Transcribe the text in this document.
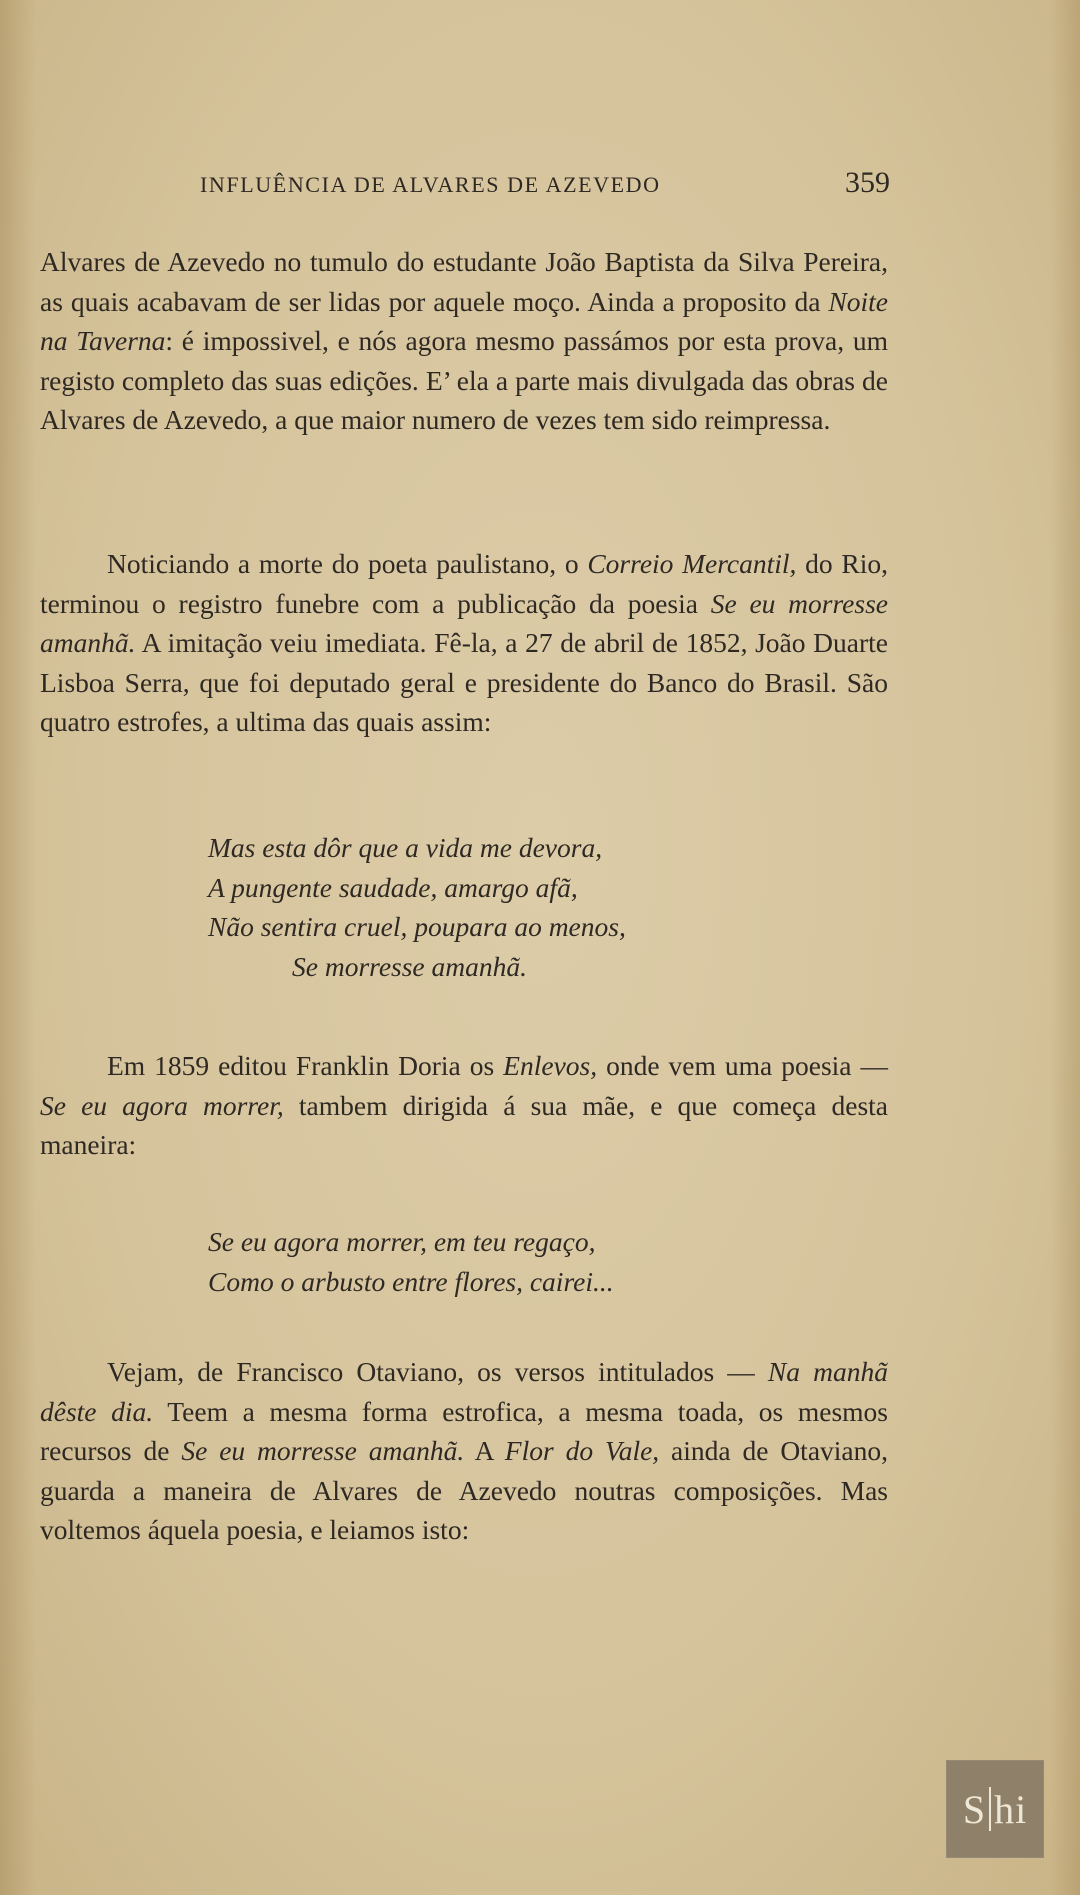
INFLUÊNCIA DE ALVARES DE AZEVEDO	359

Alvares de Azevedo no tumulo do estudante João Baptista da Silva Pereira, as quais acabavam de ser lidas por aquele moço. Ainda a proposito da Noite na Taverna: é impossivel, e nós agora mesmo passámos por esta prova, um registo completo das suas edições. E’ ela a parte mais divulgada das obras de Alvares de Azevedo, a que maior numero de vezes tem sido reimpressa.

Noticiando a morte do poeta paulistano, o Correio Mercantil, do Rio, terminou o registro funebre com a publicação da poesia Se eu morresse amanhã. A imitação veiu imediata. Fê-la, a 27 de abril de 1852, João Duarte Lisboa Serra, que foi deputado geral e presidente do Banco do Brasil. São quatro estrofes, a ultima das quais assim:

Mas esta dôr que a vida me devora,
A pungente saudade, amargo afã,
Não sentira cruel, poupara ao menos,
Se morresse amanhã.

Em 1859 editou Franklin Doria os Enlevos, onde vem uma poesia — Se eu agora morrer, tambem dirigida á sua mãe, e que começa desta maneira:

Se eu agora morrer, em teu regaço,
Como o arbusto entre flores, cairei...

Vejam, de Francisco Otaviano, os versos intitulados — Na manhã dêste dia. Teem a mesma forma estrofica, a mesma toada, os mesmos recursos de Se eu morresse amanhã. A Flor do Vale, ainda de Otaviano, guarda a maneira de Alvares de Azevedo noutras composições. Mas voltemos áquela poesia, e leiamos isto:

S hi
